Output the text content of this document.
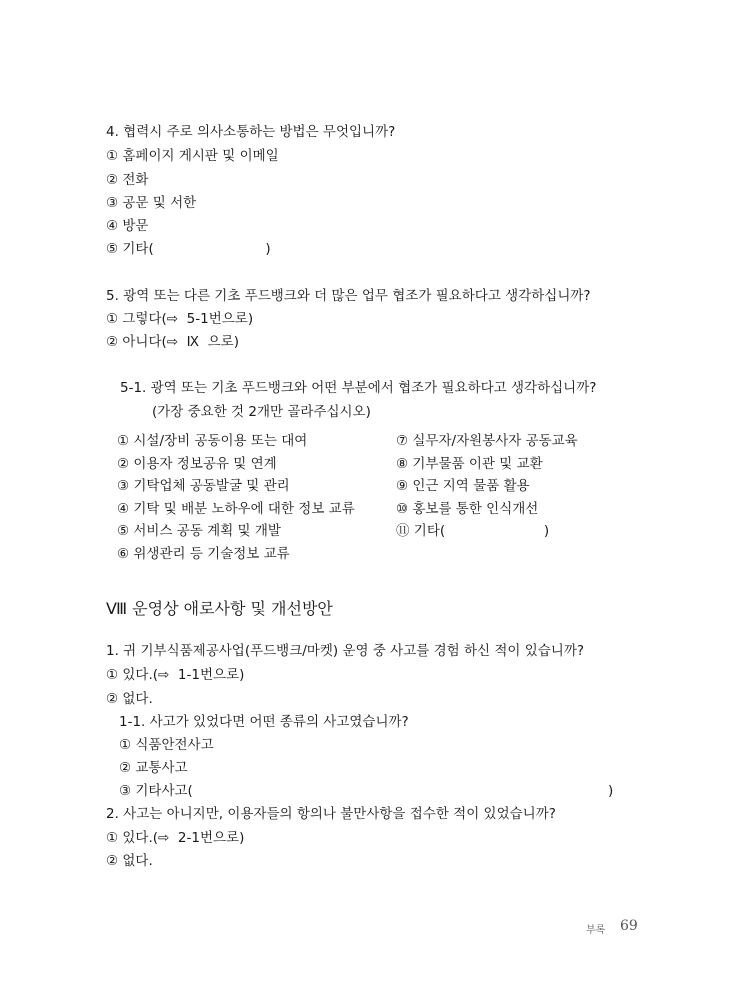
4. 협력시 주로 의사소통하는 방법은 무엇입니까?
① 홈페이지 게시판 및 이메일
② 전화
③ 공문 및 서한
④ 방문
⑤ 기타(                          )
5. 광역 또는 다른 기초 푸드뱅크와 더 많은 업무 협조가 필요하다고 생각하십니까?
① 그렇다(⇨  5-1번으로)
② 아니다(⇨  Ⅸ  으로)
5-1. 광역 또는 기초 푸드뱅크와 어떤 부분에서 협조가 필요하다고 생각하십니까?
(가장 중요한 것 2개만 골라주십시오)
① 시설/장비 공동이용 또는 대여
② 이용자 정보공유 및 연계
③ 기탁업체 공동발굴 및 관리
④ 기탁 및 배분 노하우에 대한 정보 교류
⑤ 서비스 공동 계획 및 개발
⑥ 위생관리 등 기술정보 교류
⑦ 실무자/자원봉사자 공동교육
⑧ 기부물품 이관 및 교환
⑨ 인근 지역 물품 활용
⑩ 홍보를 통한 인식개선
⑪ 기타(                       )
Ⅷ 운영상 애로사항 및 개선방안
1. 귀 기부식품제공사업(푸드뱅크/마켓) 운영 중 사고를 경험 하신 적이 있습니까?
① 있다.(⇨  1-1번으로)
② 없다.
1-1. 사고가 있었다면 어떤 종류의 사고였습니까?
① 식품안전사고
② 교통사고
③ 기타사고(	)
2. 사고는 아니지만, 이용자들의 항의나 불만사항을 접수한 적이 있었습니까?
① 있다.(⇨  2-1번으로)
② 없다.
부록 69
